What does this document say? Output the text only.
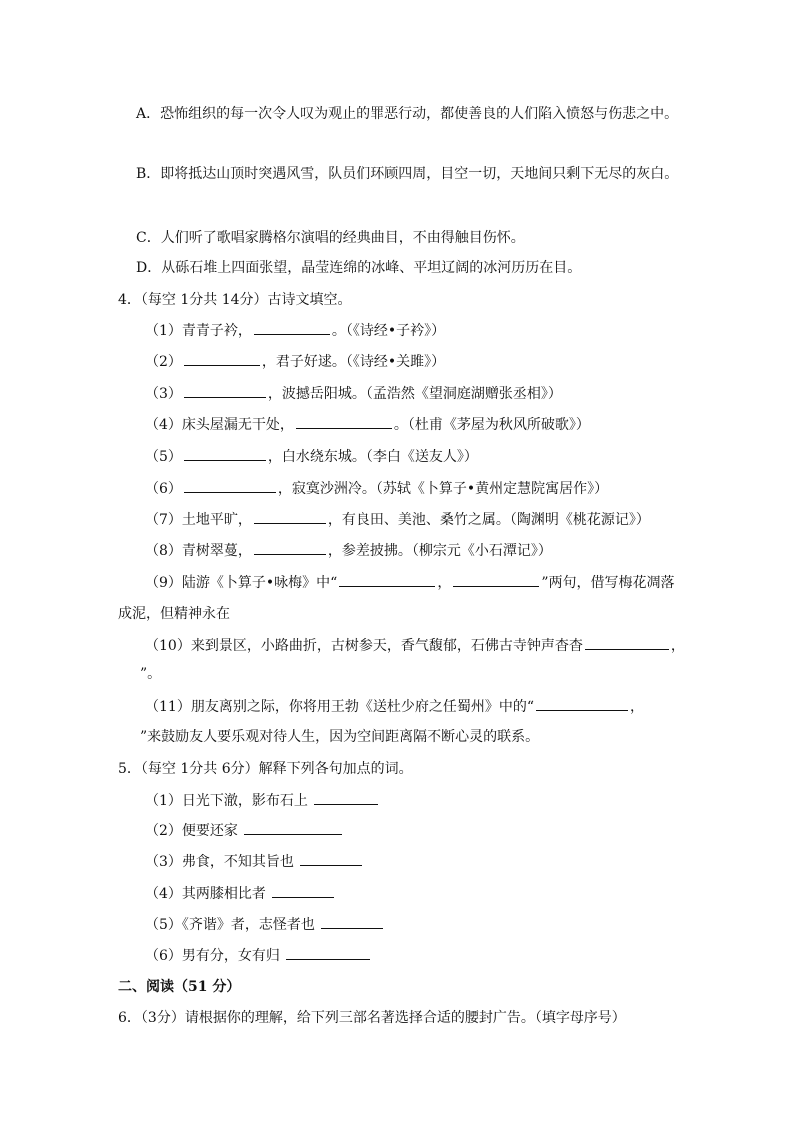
A．恐怖组织的每一次令人叹为观止的罪恶行动，都使善良的人们陷入愤怒与伤悲之中。
B．即将抵达山顶时突遇风雪，队员们环顾四周，目空一切，天地间只剩下无尽的灰白。
C．人们听了歌唱家腾格尔演唱的经典曲目，不由得触目伤怀。
D．从砾石堆上四面张望，晶莹连绵的冰峰、平坦辽阔的冰河历历在目。
4．（每空 1分共 14分）古诗文填空。
（1）青青子衿，	。（《诗经•子衿》）
（2）	，君子好逑。（《诗经•关雎》）
（3）	，波撼岳阳城。（孟浩然《望洞庭湖赠张丞相》）
（4）床头屋漏无干处，	。（杜甫《茅屋为秋风所破歌》）
（5）	，白水绕东城。（李白《送友人》）
（6）	，寂寞沙洲冷。（苏轼《卜算子•黄州定慧院寓居作》）
（7）土地平旷，	，有良田、美池、桑竹之属。（陶渊明《桃花源记》）
（8）青树翠蔓，	，参差披拂。（柳宗元《小石潭记》）
（9）陆游《卜算子•咏梅》中“	，	”两句，借写梅花凋落
成泥，但精神永在
（10）来到景区，小路曲折，古树参天，香气馥郁，石佛古寺钟声杳杳	，
”。
（11）朋友离别之际，你将用王勃《送杜少府之任蜀州》中的“	，
”来鼓励友人要乐观对待人生，因为空间距离隔不断心灵的联系。
5．（每空 1分共 6分）解释下列各句加点的词。
（1）日光下澈，影布石上
（2）便要还家
（3）弗食，不知其旨也
（4）其两膝相比者
（5）《齐谐》者，志怪者也
（6）男有分，女有归
二、阅读（51 分）
6．（3分）请根据你的理解，给下列三部名著选择合适的腰封广告。（填字母序号）
